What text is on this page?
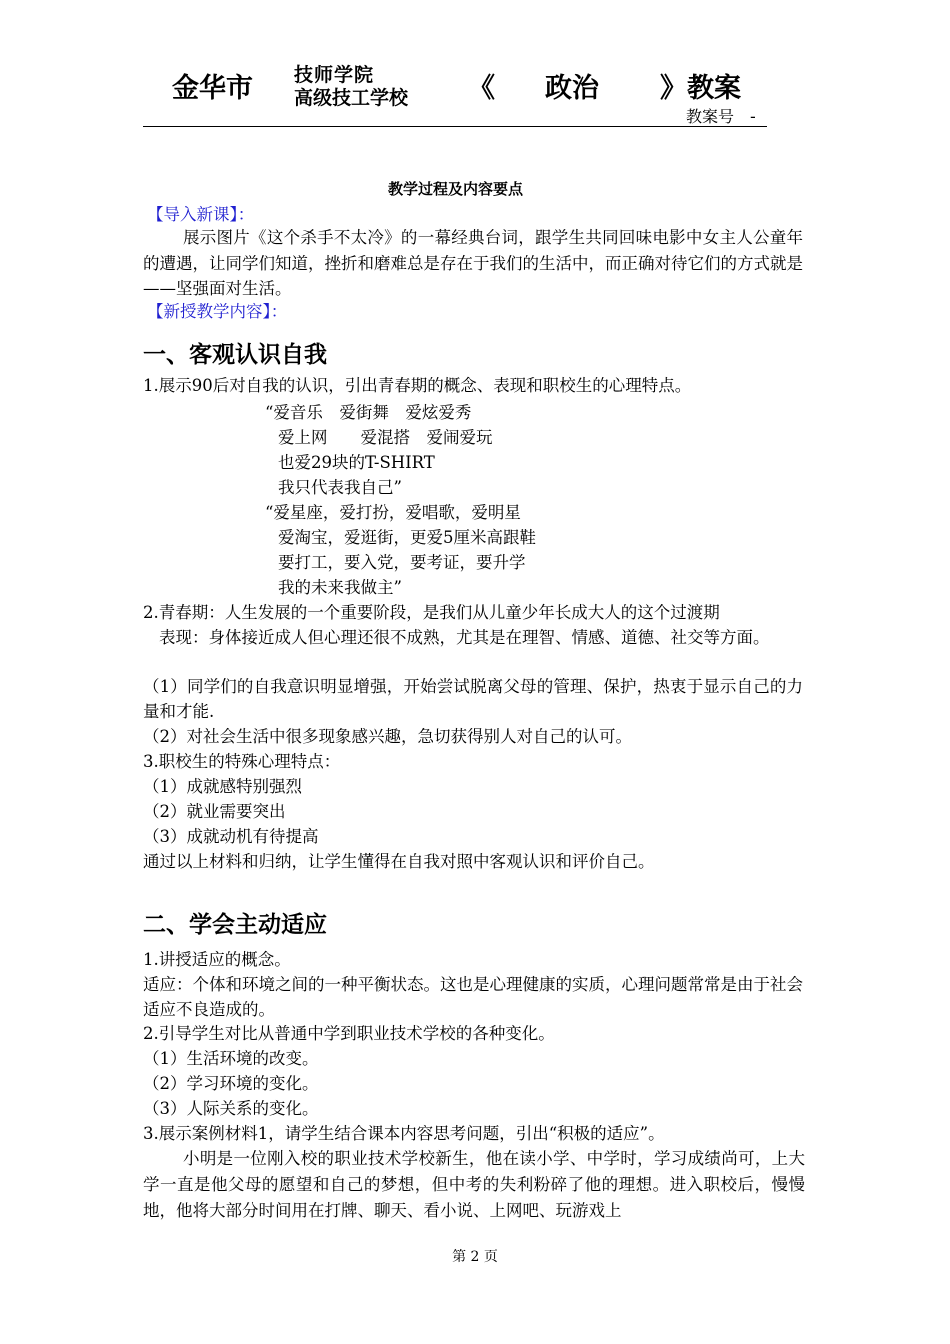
金华市 技师学院
高级技工学校 《 政治 》教案
教案号　-
教学过程及内容要点
【导入新课】：
展示图片《这个杀手不太冷》的一幕经典台词，跟学生共同回味电影中女主人公童年的遭遇，让同学们知道，挫折和磨难总是存在于我们的生活中，而正确对待它们的方式就是——坚强面对生活。
【新授教学内容】：
一、客观认识自我
1.展示90后对自我的认识，引出青春期的概念、表现和职校生的心理特点。
“爱音乐　爱街舞　爱炫爱秀
爱上网　　爱混搭　爱闹爱玩
也爱29块的T-SHIRT
我只代表我自己”
“爱星座，爱打扮，爱唱歌，爱明星
爱淘宝，爱逛街，更爱5厘米高跟鞋
要打工，要入党，要考证，要升学
我的未来我做主”
2.青春期：人生发展的一个重要阶段，是我们从儿童少年长成大人的这个过渡期
表现：身体接近成人但心理还很不成熟，尤其是在理智、情感、道德、社交等方面。
（1）同学们的自我意识明显增强，开始尝试脱离父母的管理、保护，热衷于显示自己的力量和才能.
（2）对社会生活中很多现象感兴趣，急切获得别人对自己的认可。
3.职校生的特殊心理特点：
（1）成就感特别强烈
（2）就业需要突出
（3）成就动机有待提高
通过以上材料和归纳，让学生懂得在自我对照中客观认识和评价自己。
二、学会主动适应
1.讲授适应的概念。
适应：个体和环境之间的一种平衡状态。这也是心理健康的实质，心理问题常常是由于社会适应不良造成的。
2.引导学生对比从普通中学到职业技术学校的各种变化。
（1）生活环境的改变。
（2）学习环境的变化。
（3）人际关系的变化。
3.展示案例材料1，请学生结合课本内容思考问题，引出“积极的适应”。
小明是一位刚入校的职业技术学校新生，他在读小学、中学时，学习成绩尚可，上大学一直是他父母的愿望和自己的梦想，但中考的失利粉碎了他的理想。进入职校后，慢慢地，他将大部分时间用在打牌、聊天、看小说、上网吧、玩游戏上
第 2 页
